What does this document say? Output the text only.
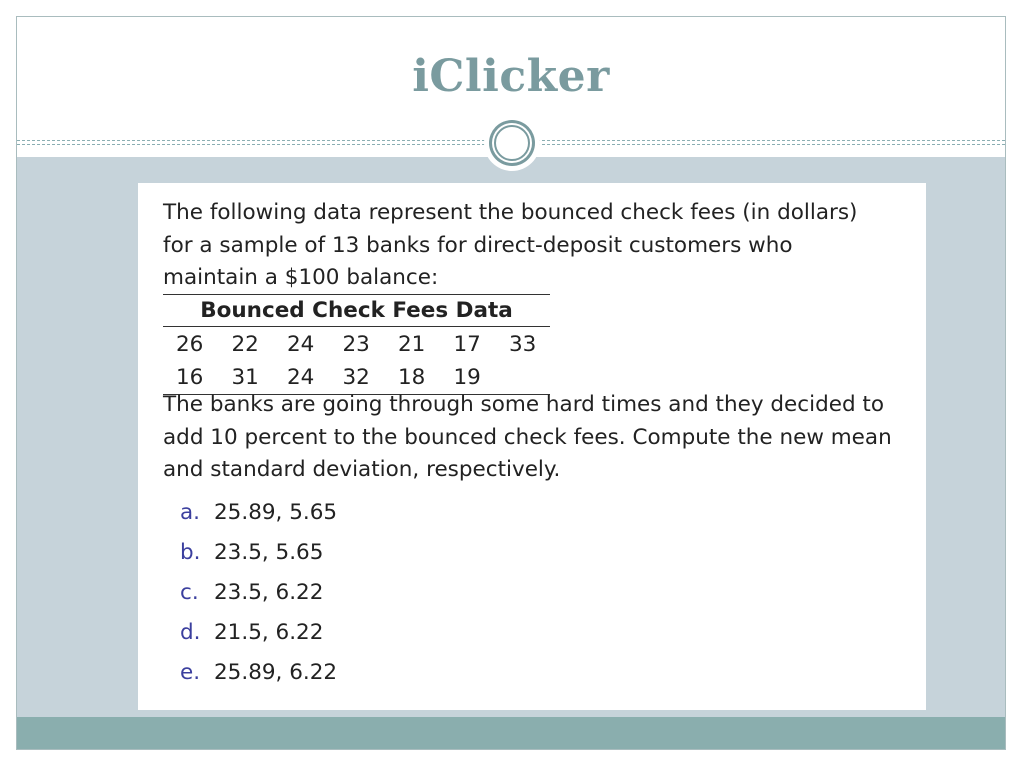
iClicker
The following data represent the bounced check fees (in dollars)
for a sample of 13 banks for direct-deposit customers who
maintain a $100 balance:
Bounced Check Fees Data
26	22	24	23	21	17	33
16	31	24	32	18	19
The banks are going through some hard times and they decided to
add 10 percent to the bounced check fees. Compute the new mean
and standard deviation, respectively.
a. 25.89, 5.65
b. 23.5, 5.65
c. 23.5, 6.22
d. 21.5, 6.22
e. 25.89, 6.22
